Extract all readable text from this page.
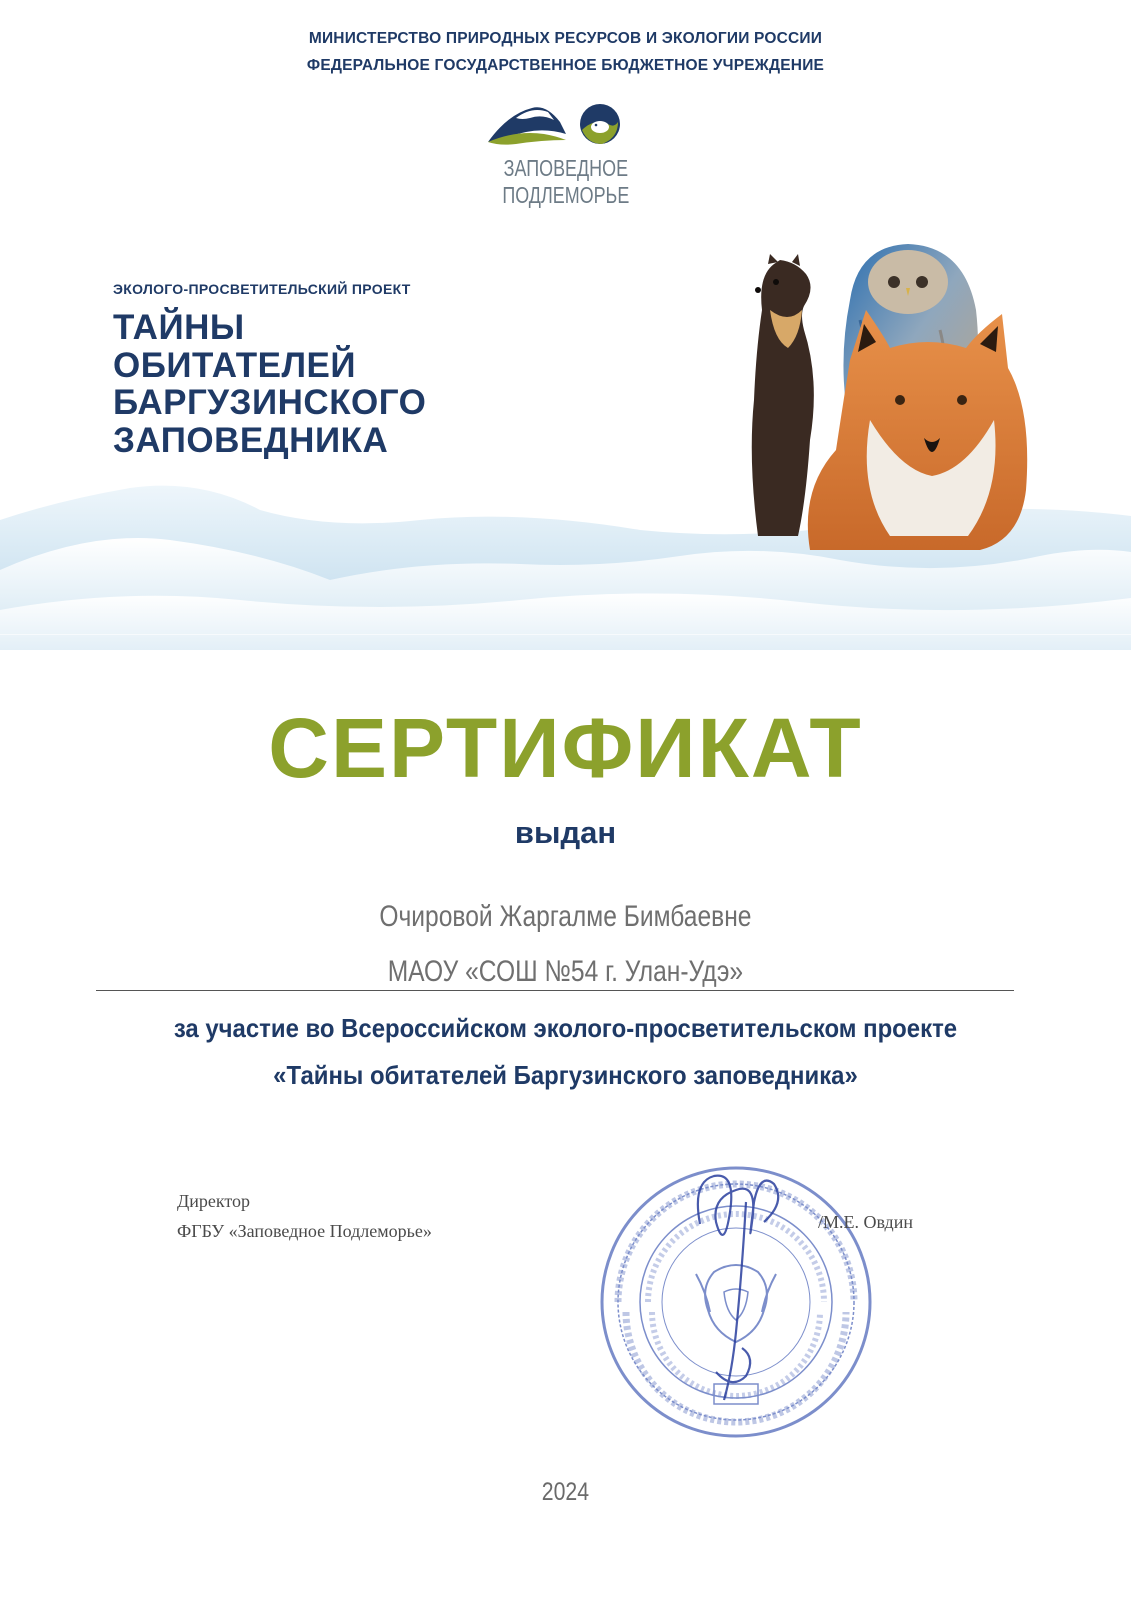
МИНИСТЕРСТВО ПРИРОДНЫХ РЕСУРСОВ И ЭКОЛОГИИ РОССИИ
ФЕДЕРАЛЬНОЕ ГОСУДАРСТВЕННОЕ БЮДЖЕТНОЕ УЧРЕЖДЕНИЕ
ЗАПОВЕДНОЕ
ПОДЛЕМОРЬЕ
ЭКОЛОГО-ПРОСВЕТИТЕЛЬСКИЙ ПРОЕКТ
ТАЙНЫ
ОБИТАТЕЛЕЙ
БАРГУЗИНСКОГО
ЗАПОВЕДНИКА
СЕРТИФИКАТ
выдан
Очировой Жаргалме Бимбаевне
МАОУ «СОШ №54 г. Улан-Удэ»
за участие во Всероссийском эколого-просветительском проекте
«Тайны обитателей Баргузинского заповедника»
Директор
ФГБУ «Заповедное Подлеморье»	/М.Е. Овдин
2024
